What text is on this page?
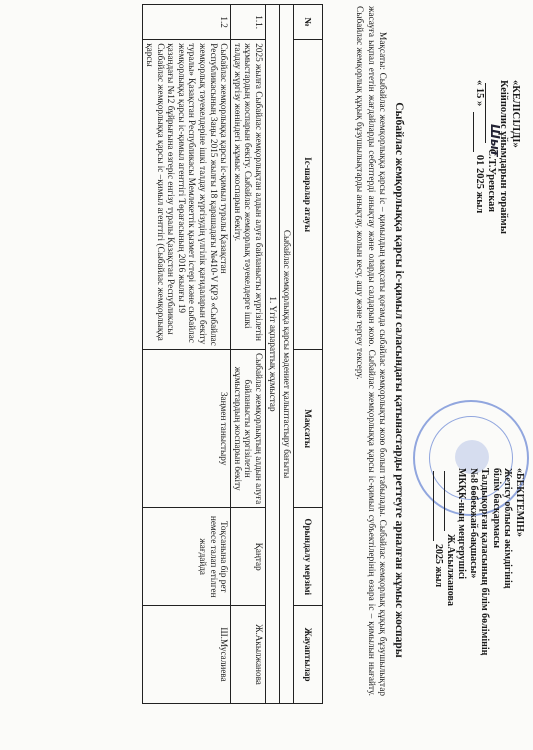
«КЕЛІСІЛДІ»
Кеійполис ұйымдарын тораймы

Шыт
С.Т.Уревская
« 15 » 01 2025 жыл
«БЕКІТЕМІН»
Жетісу облысы әкімдігінің
білім басқармасы
Талдықорған қаласының білім бөлімінің
№8 бөбекжай-бақшасы»
МКҚК-ның меңгерушісі
Ж.Акылжанова
2025 жыл
Сыбайлас жемқорлыққа қарсы іс-қимыл саласындағы қатынастарды реттеуге арналған жұмыс жоспары
Мақсаты: Сыбайлас жемқорлыққа қарсы іс – қимылдың мақсаты қоғамда сыбайлас жемқорлықты жою болып табылады. Сыбайлас жемқорлық құқық бұзушылықтар жасауға ықпал ететін жағдайларды себептерді анықтау және оларды салдарын жою. Сыбайлас жемқорлыққа қарсы іс-қимыл субъектілерінің өзара іс – қимылын нығайту. Сыбайлас жемқорлық құқық бұзушылықтарды анықтау, жолын кесу, ашу және тергеу тексеру.
№	Іс-шаралар атауы	Мақсаты	Орындалу мерзімі	Жауаптылар
Сыбайлас жемқорлыққа қарсы мәдениет қалыптастыру бағыты				
1. Үгіт ақпараттық жұмыстар				
1.1.	2025 жылға Сыбайлас жемқорлықтан алдын алуға байланысты жүргізілетін жұмыстардың жоспарын бекіту. Сыбайлас жемқорлық тәуекелдерге ішкі талдау жүргізу жөніндегі жұмыс жоспарын бекіту.	Сыбайлас жемқорлықтың алдын алуға байланысты жүргізілетін жұмыстардың жоспарын бекіту	Қаңтар	Ж.Акылжанова
1.2	Сыбайлас жемқорлыққа қарсы іс-қимыл туралы Қазақстан Республикасының Заңы 2015 жылғы 18 қарашадағы №410-V ҚРЗ «Сыбайлас жемқорлық тәуекелдеріне ішкі талдау жүргізудің үлгілік қағидаларын бекіту туралы» Қазақстан Республикасы Мемлекеттік қызмет істері және сыбайлас жемқорлыққа қарсы іс-қимыл агенттігі Төрағасының 2016 жылғы 19 қазандағы №12 бұйрығына өзгеріс енгізу туралы Қазақстан Республикасы Сыбайлас жемқорлыққа қарсы іс –қимыл агенттігі (Сыбайлас жемқорлыққа қарсы	Заңмен таныстыру	Тоқсанына бір рет немесе талап етілген жағдайда	Ш.Мусалиева
